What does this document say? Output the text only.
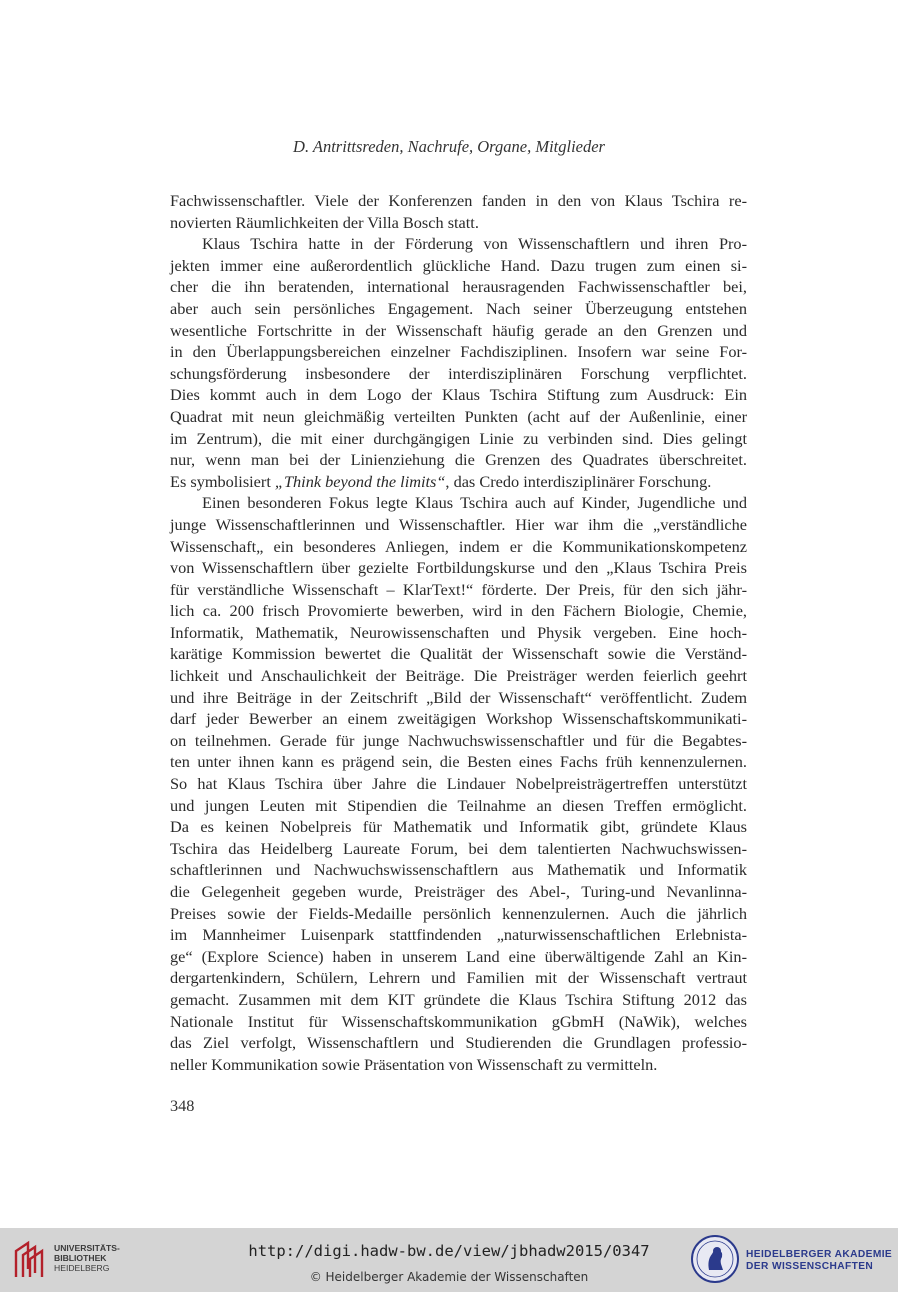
D. Antrittsreden, Nachrufe, Organe, Mitglieder
Fachwissenschaftler. Viele der Konferenzen fanden in den von Klaus Tschira re-
novierten Räumlichkeiten der Villa Bosch statt.
Klaus Tschira hatte in der Förderung von Wissenschaftlern und ihren Pro-
jekten immer eine außerordentlich glückliche Hand. Dazu trugen zum einen si-
cher die ihn beratenden, international herausragenden Fachwissenschaftler bei,
aber auch sein persönliches Engagement. Nach seiner Überzeugung entstehen
wesentliche Fortschritte in der Wissenschaft häufig gerade an den Grenzen und
in den Überlappungsbereichen einzelner Fachdisziplinen. Insofern war seine For-
schungsförderung insbesondere der interdisziplinären Forschung verpflichtet.
Dies kommt auch in dem Logo der Klaus Tschira Stiftung zum Ausdruck: Ein
Quadrat mit neun gleichmäßig verteilten Punkten (acht auf der Außenlinie, einer
im Zentrum), die mit einer durchgängigen Linie zu verbinden sind. Dies gelingt
nur, wenn man bei der Linienziehung die Grenzen des Quadrates überschreitet.
Es symbolisiert „Think beyond the limits“, das Credo interdisziplinärer Forschung.
Einen besonderen Fokus legte Klaus Tschira auch auf Kinder, Jugendliche und
junge Wissenschaftlerinnen und Wissenschaftler. Hier war ihm die „verständliche
Wissenschaft„ ein besonderes Anliegen, indem er die Kommunikationskompetenz
von Wissenschaftlern über gezielte Fortbildungskurse und den „Klaus Tschira Preis
für verständliche Wissenschaft – KlarText!“ förderte. Der Preis, für den sich jähr-
lich ca. 200 frisch Provomierte bewerben, wird in den Fächern Biologie, Chemie,
Informatik, Mathematik, Neurowissenschaften und Physik vergeben. Eine hoch-
karätige Kommission bewertet die Qualität der Wissenschaft sowie die Verständ-
lichkeit und Anschaulichkeit der Beiträge. Die Preisträger werden feierlich geehrt
und ihre Beiträge in der Zeitschrift „Bild der Wissenschaft“ veröffentlicht. Zudem
darf jeder Bewerber an einem zweitägigen Workshop Wissenschaftskommunikati-
on teilnehmen. Gerade für junge Nachwuchswissenschaftler und für die Begabtes-
ten unter ihnen kann es prägend sein, die Besten eines Fachs früh kennenzulernen.
So hat Klaus Tschira über Jahre die Lindauer Nobelpreisträgertreffen unterstützt
und jungen Leuten mit Stipendien die Teilnahme an diesen Treffen ermöglicht.
Da es keinen Nobelpreis für Mathematik und Informatik gibt, gründete Klaus
Tschira das Heidelberg Laureate Forum, bei dem talentierten Nachwuchswissen-
schaftlerinnen und Nachwuchswissenschaftlern aus Mathematik und Informatik
die Gelegenheit gegeben wurde, Preisträger des Abel-, Turing-und Nevanlinna-
Preises sowie der Fields-Medaille persönlich kennenzulernen. Auch die jährlich
im Mannheimer Luisenpark stattfindenden „naturwissenschaftlichen Erlebnista-
ge“ (Explore Science) haben in unserem Land eine überwältigende Zahl an Kin-
dergartenkindern, Schülern, Lehrern und Familien mit der Wissenschaft vertraut
gemacht. Zusammen mit dem KIT gründete die Klaus Tschira Stiftung 2012 das
Nationale Institut für Wissenschaftskommunikation gGbmH (NaWik), welches
das Ziel verfolgt, Wissenschaftlern und Studierenden die Grundlagen professio-
neller Kommunikation sowie Präsentation von Wissenschaft zu vermitteln.
348
UNIVERSITÄTS-
BIBLIOTHEK
HEIDELBERG
http://digi.hadw-bw.de/view/jbhadw2015/0347
© Heidelberger Akademie der Wissenschaften
HEIDELBERGER AKADEMIE
DER WISSENSCHAFTEN
